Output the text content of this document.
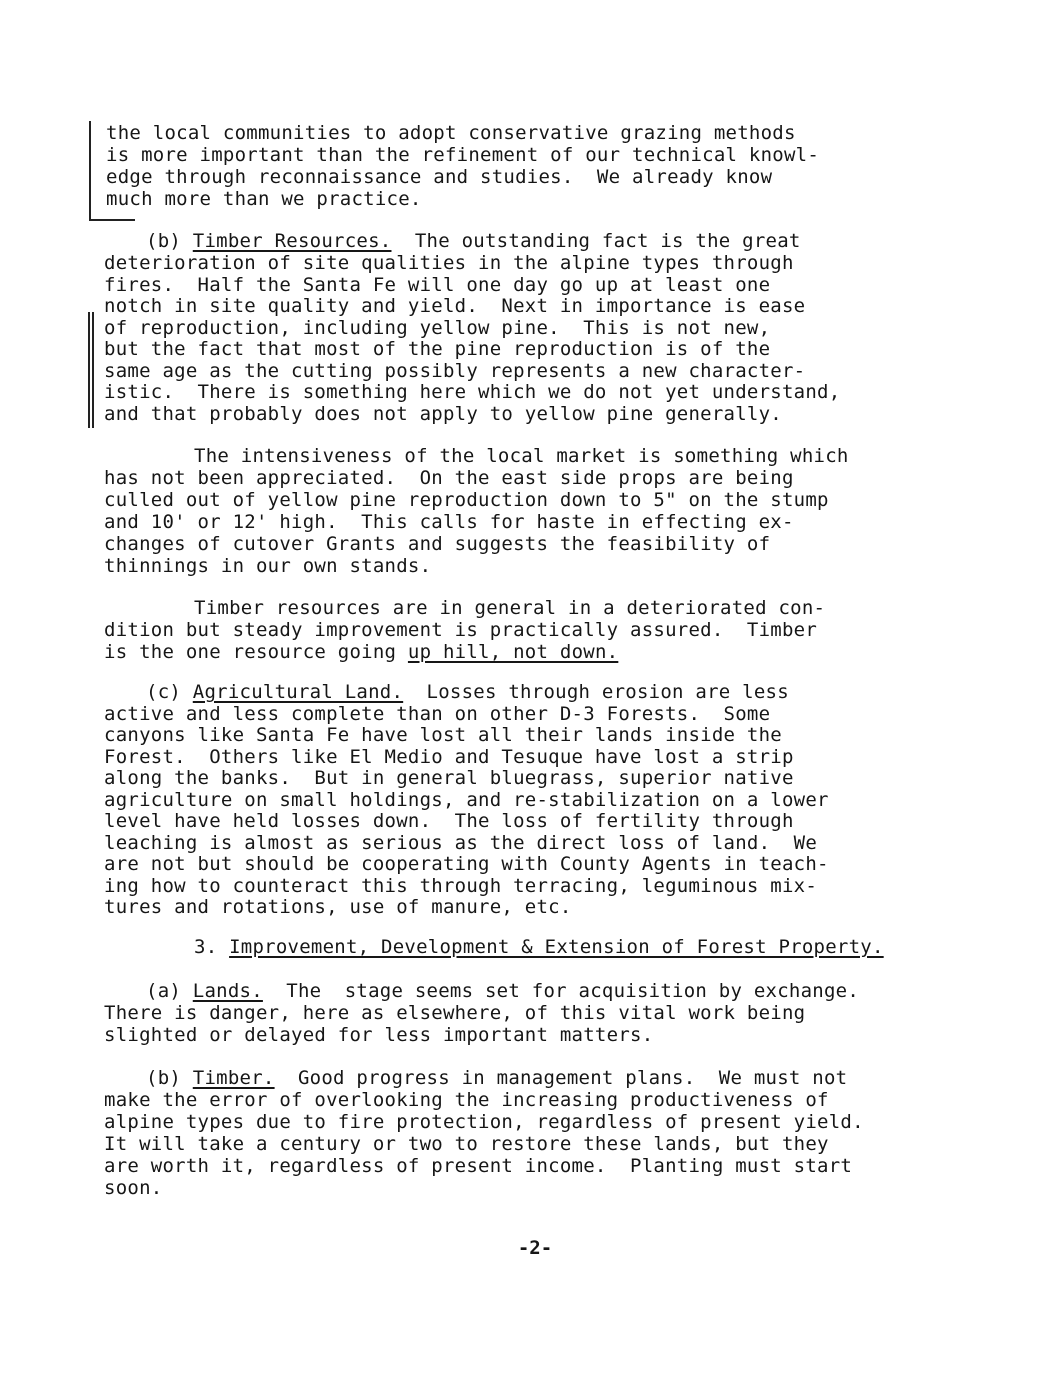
the local communities to adopt conservative grazing methods
is more important than the refinement of our technical knowl-
edge through reconnaissance and studies.  We already know
much more than we practice.
(b) Timber Resources.  The outstanding fact is the great
deterioration of site qualities in the alpine types through
fires.  Half the Santa Fe will one day go up at least one
notch in site quality and yield.  Next in importance is ease
of reproduction, including yellow pine.  This is not new,
but the fact that most of the pine reproduction is of the
same age as the cutting possibly represents a new character-
istic.  There is something here which we do not yet understand,
and that probably does not apply to yellow pine generally.
The intensiveness of the local market is something which
has not been appreciated.  On the east side props are being
culled out of yellow pine reproduction down to 5" on the stump
and 10' or 12' high.  This calls for haste in effecting ex-
changes of cutover Grants and suggests the feasibility of
thinnings in our own stands.
Timber resources are in general in a deteriorated con-
dition but steady improvement is practically assured.  Timber
is the one resource going up hill, not down.
(c) Agricultural Land.  Losses through erosion are less
active and less complete than on other D-3 Forests.  Some
canyons like Santa Fe have lost all their lands inside the
Forest.  Others like El Medio and Tesuque have lost a strip
along the banks.  But in general bluegrass, superior native
agriculture on small holdings, and re-stabilization on a lower
level have held losses down.  The loss of fertility through
leaching is almost as serious as the direct loss of land.  We
are not but should be cooperating with County Agents in teach-
ing how to counteract this through terracing, leguminous mix-
tures and rotations, use of manure, etc.
3. Improvement, Development & Extension of Forest Property.
(a) Lands.  The  stage seems set for acquisition by exchange.
There is danger, here as elsewhere, of this vital work being
slighted or delayed for less important matters.
(b) Timber.  Good progress in management plans.  We must not
make the error of overlooking the increasing productiveness of
alpine types due to fire protection, regardless of present yield.
It will take a century or two to restore these lands, but they
are worth it, regardless of present income.  Planting must start
soon.
-2-
